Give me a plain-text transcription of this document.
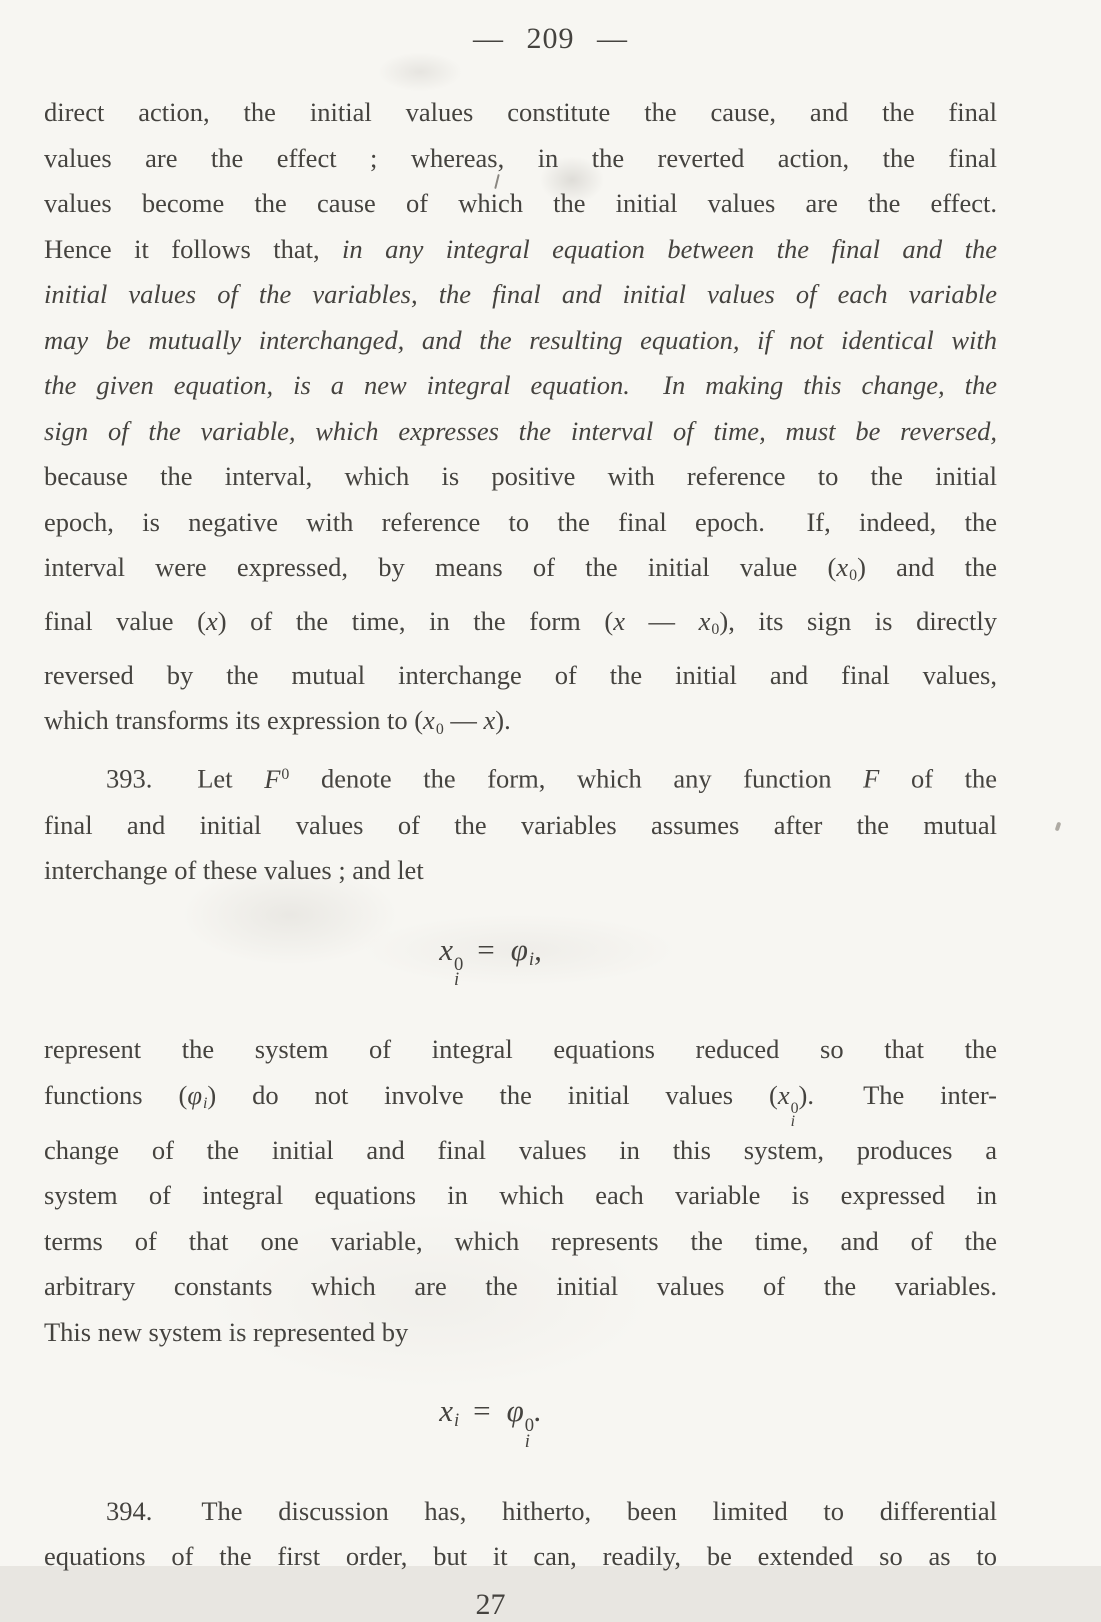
— 209 —
direct action, the initial values constitute the cause, and the final
values are the effect ; whereas, in the reverted action, the final
values become the cause of which the initial values are the effect.
Hence it follows that, in any integral equation between the final and the
initial values of the variables, the final and initial values of each variable
may be mutually interchanged, and the resulting equation, if not identical with
the given equation, is a new integral equation.  In making this change, the
sign of the variable, which expresses the interval of time, must be reversed,
because the interval, which is positive with reference to the initial
epoch, is negative with reference to the final epoch.  If, indeed, the
interval were expressed, by means of the initial value (x0) and the
final value (x) of the time, in the form (x — x0), its sign is directly
reversed by the mutual interchange of the initial and final values,
which transforms its expression to (x0 — x).
393.  Let $F^0$ denote the form, which any function F of the
final and initial values of the variables assumes after the mutual
interchange of these values ; and let
x 0
i
= φi,
represent the system of integral equations reduced so that the
functions (φi) do not involve the initial values (x 0
i
).  The inter-
change of the initial and final values in this system, produces a
system of integral equations in which each variable is expressed in
terms of that one variable, which represents the time, and of the
arbitrary constants which are the initial values of the variables.
This new system is represented by
xi = φ 0
i
.
394.  The discussion has, hitherto, been limited to differential
equations of the first order, but it can, readily, be extended so as to
27
